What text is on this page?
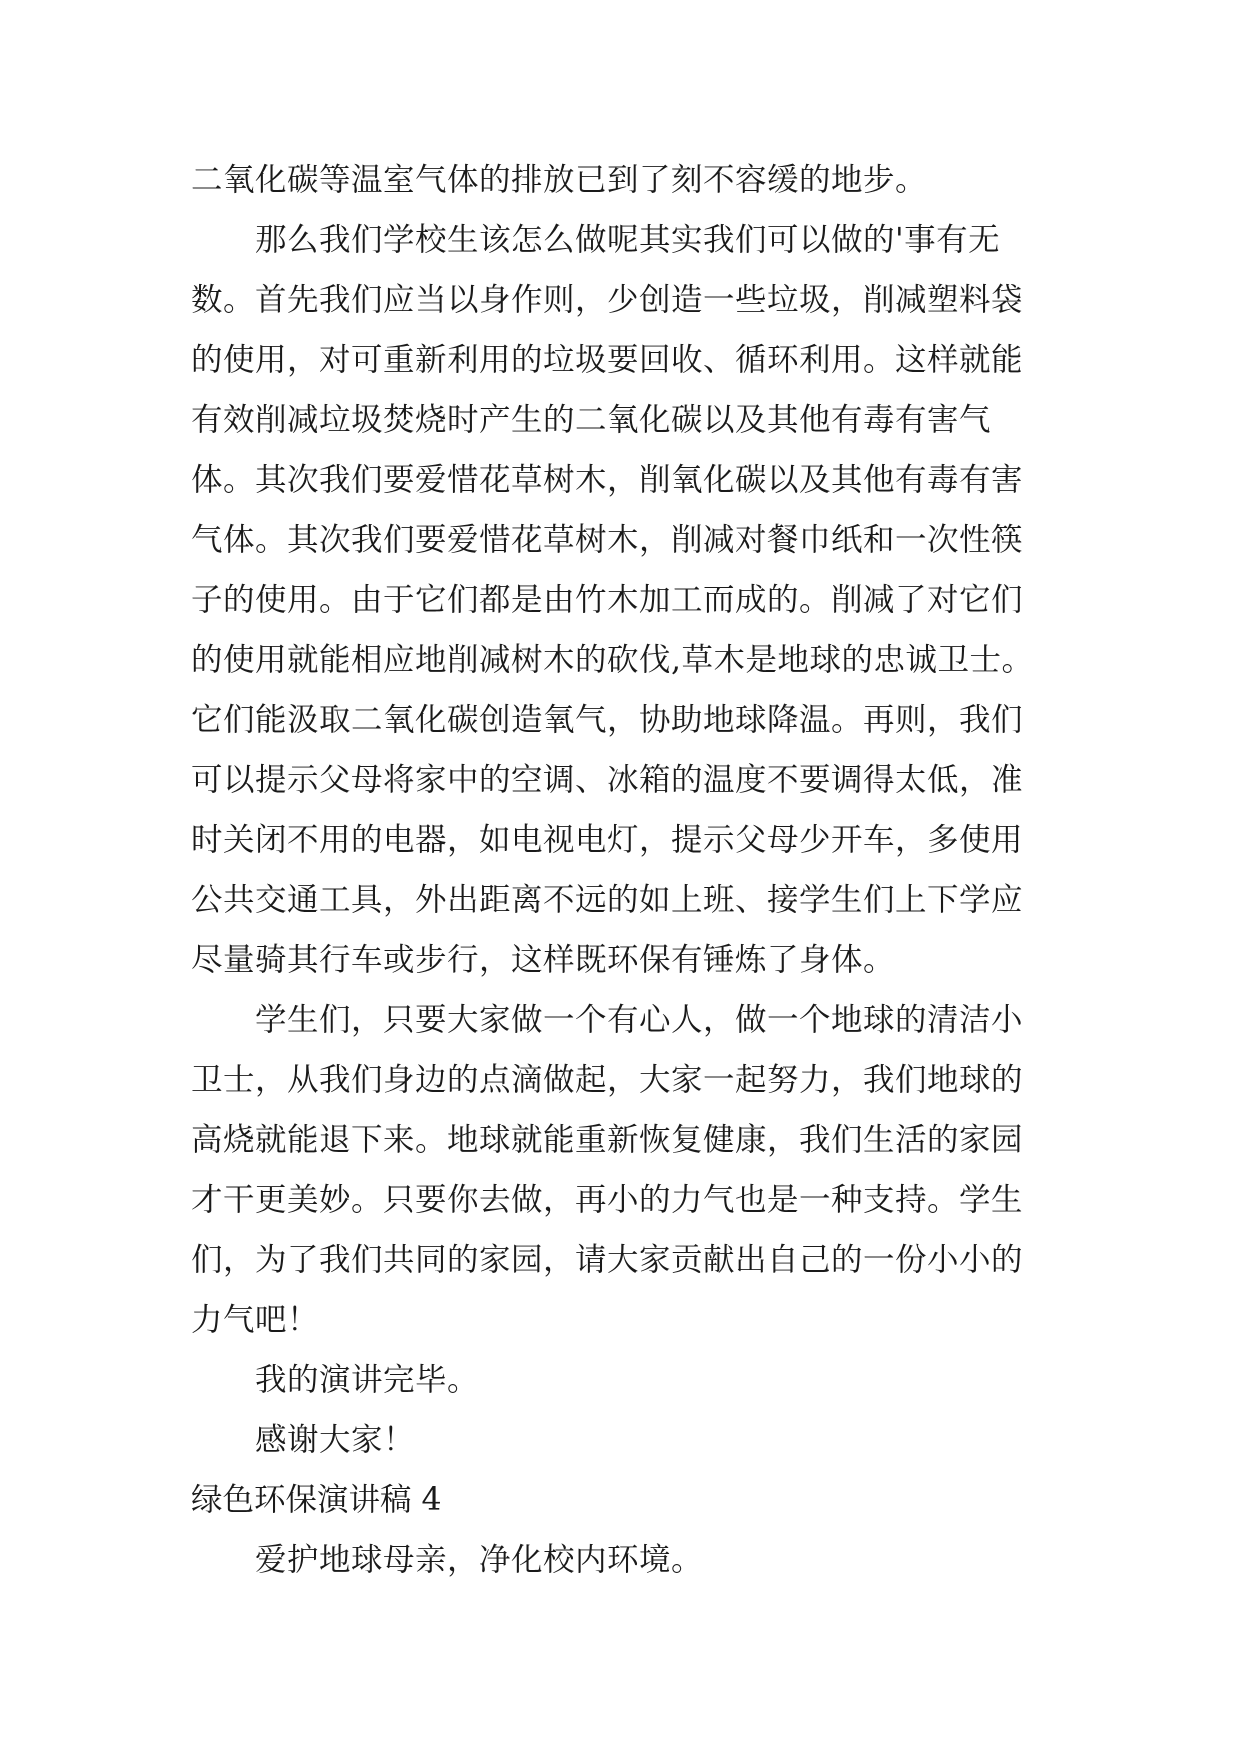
二氧化碳等温室气体的排放已到了刻不容缓的地步。
那么我们学校生该怎么做呢其实我们可以做的'事有无
数。首先我们应当以身作则，少创造一些垃圾，削减塑料袋
的使用，对可重新利用的垃圾要回收、循环利用。这样就能
有效削减垃圾焚烧时产生的二氧化碳以及其他有毒有害气
体。其次我们要爱惜花草树木，削氧化碳以及其他有毒有害
气体。其次我们要爱惜花草树木，削减对餐巾纸和一次性筷
子的使用。由于它们都是由竹木加工而成的。削减了对它们
的使用就能相应地削减树木的砍伐,草木是地球的忠诚卫士。
它们能汲取二氧化碳创造氧气，协助地球降温。再则，我们
可以提示父母将家中的空调、冰箱的温度不要调得太低，准
时关闭不用的电器，如电视电灯，提示父母少开车，多使用
公共交通工具，外出距离不远的如上班、接学生们上下学应
尽量骑其行车或步行，这样既环保有锤炼了身体。
学生们，只要大家做一个有心人，做一个地球的清洁小
卫士，从我们身边的点滴做起，大家一起努力，我们地球的
高烧就能退下来。地球就能重新恢复健康，我们生活的家园
才干更美妙。只要你去做，再小的力气也是一种支持。学生
们，为了我们共同的家园，请大家贡献出自己的一份小小的
力气吧！
我的演讲完毕。
感谢大家！
绿色环保演讲稿 4
爱护地球母亲，净化校内环境。
